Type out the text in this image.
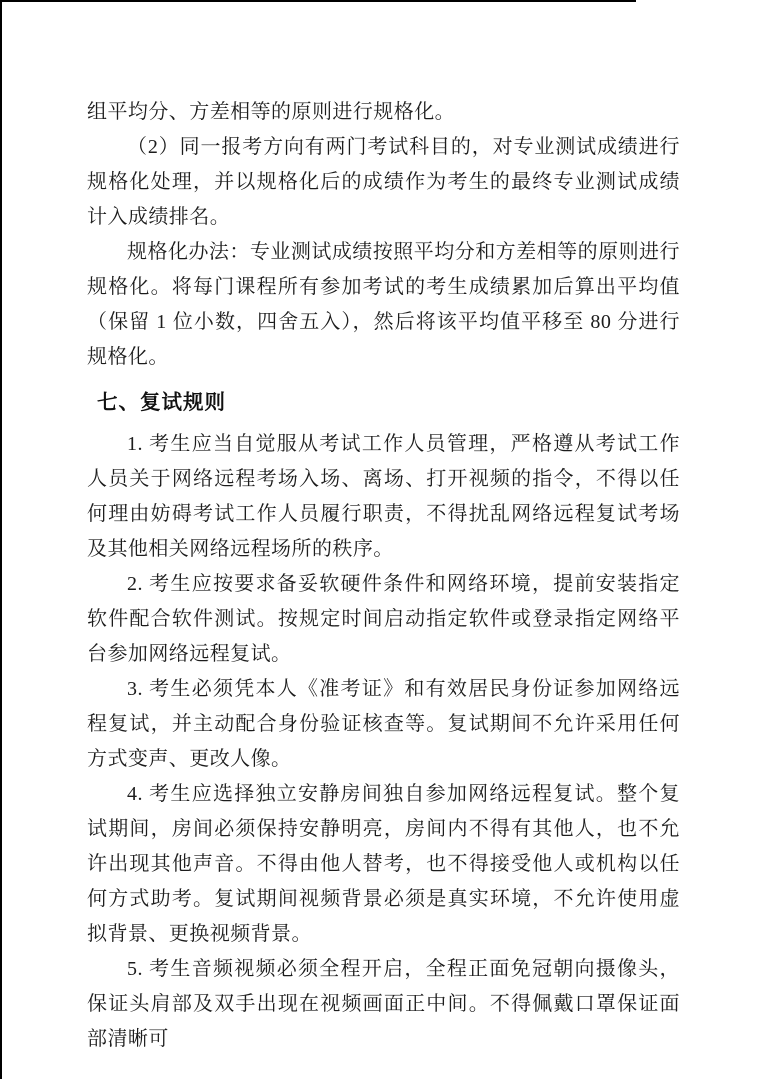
组平均分、方差相等的原则进行规格化。

（2）同一报考方向有两门考试科目的，对专业测试成绩进行规格化处理，并以规格化后的成绩作为考生的最终专业测试成绩计入成绩排名。

规格化办法：专业测试成绩按照平均分和方差相等的原则进行规格化。将每门课程所有参加考试的考生成绩累加后算出平均值（保留 1 位小数，四舍五入），然后将该平均值平移至 80 分进行规格化。

七、复试规则

1. 考生应当自觉服从考试工作人员管理，严格遵从考试工作人员关于网络远程考场入场、离场、打开视频的指令，不得以任何理由妨碍考试工作人员履行职责，不得扰乱网络远程复试考场及其他相关网络远程场所的秩序。

2. 考生应按要求备妥软硬件条件和网络环境，提前安装指定软件配合软件测试。按规定时间启动指定软件或登录指定网络平台参加网络远程复试。

3. 考生必须凭本人《准考证》和有效居民身份证参加网络远程复试，并主动配合身份验证核查等。复试期间不允许采用任何方式变声、更改人像。

4. 考生应选择独立安静房间独自参加网络远程复试。整个复试期间，房间必须保持安静明亮，房间内不得有其他人，也不允许出现其他声音。不得由他人替考，也不得接受他人或机构以任何方式助考。复试期间视频背景必须是真实环境，不允许使用虚拟背景、更换视频背景。

5. 考生音频视频必须全程开启，全程正面免冠朝向摄像头，保证头肩部及双手出现在视频画面正中间。不得佩戴口罩保证面部清晰可
